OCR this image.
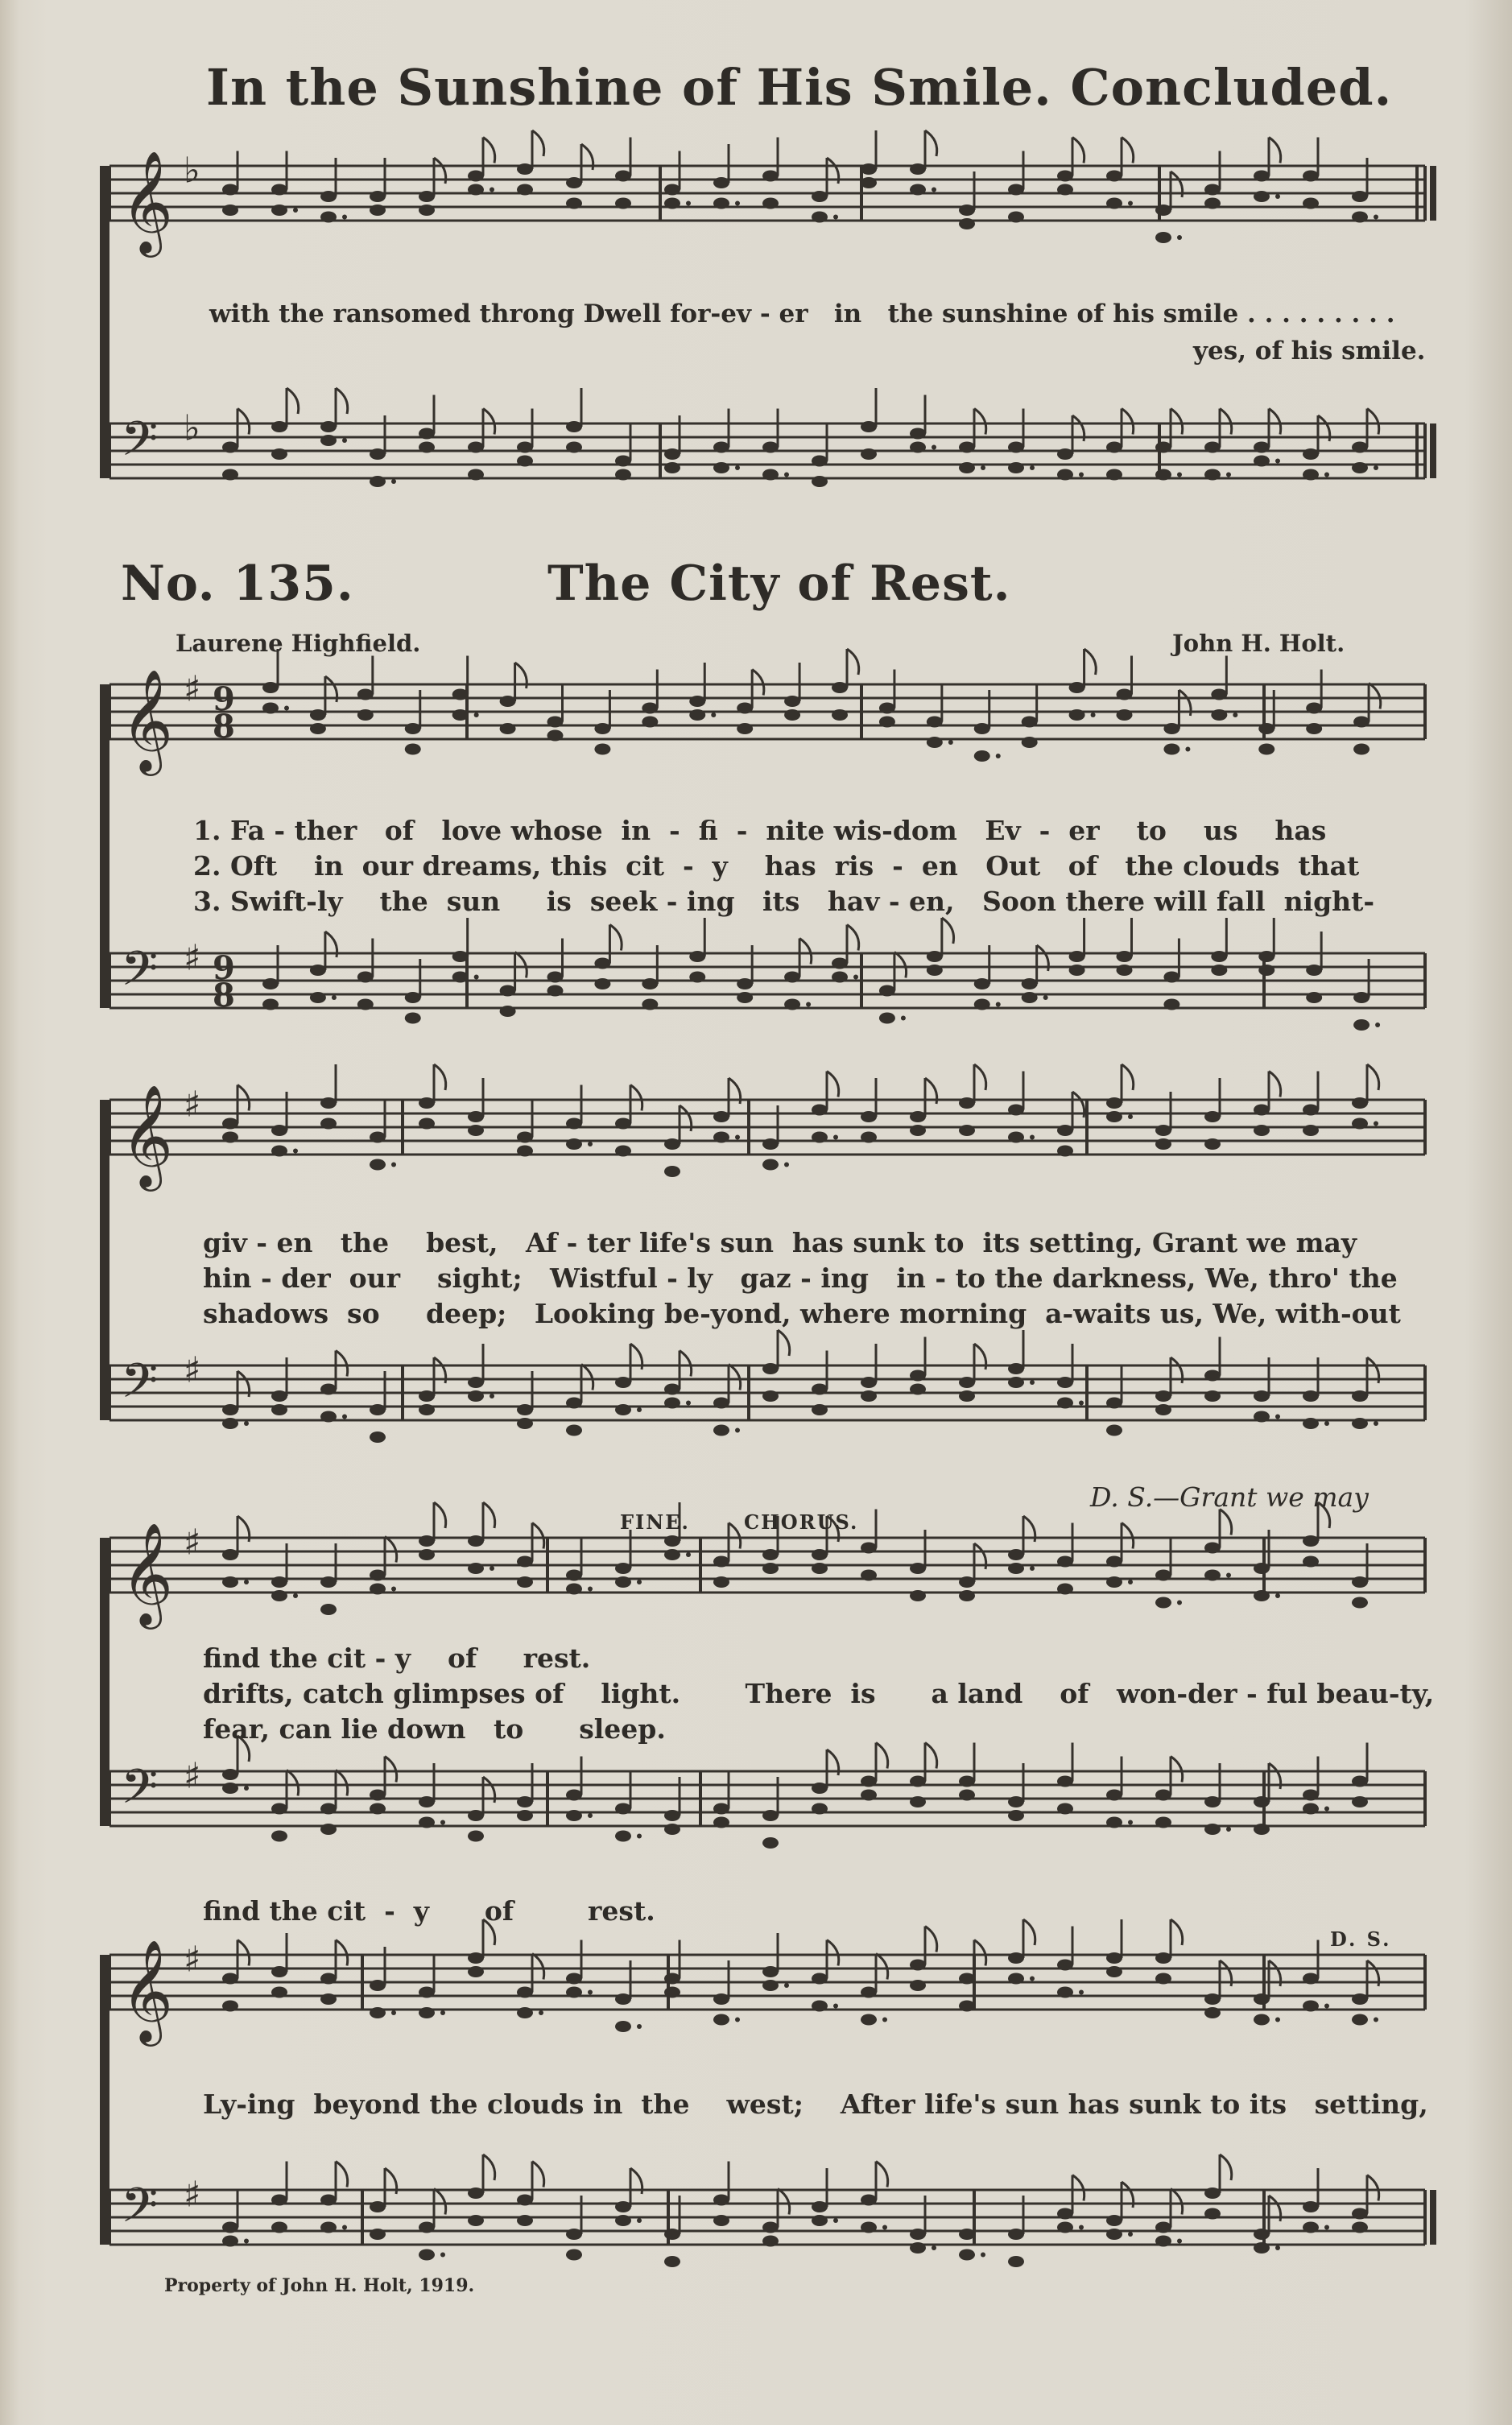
𝄞 ♭
𝄢 ♭
𝄞 ♯ 9
8
𝄢 ♯ 9
8
𝄞 ♯
𝄢 ♯
𝄞 ♯
𝄢 ♯
𝄞 ♯
𝄢 ♯
In the Sunshine of His Smile. Concluded.
with the ransomed throng Dwell for-ev - er   in   the sunshine of his smile . . . . . . . . .
yes, of his smile.
No. 135.	The City of Rest.
Laurene Highfield.	John H. Holt.
1. Fa - ther   of   love whose  in  -  fi  -  nite wis-dom   Ev  -  er    to    us    has
2. Oft    in  our dreams, this  cit  -  y    has  ris  -  en   Out   of   the clouds  that
3. Swift-ly    the  sun     is  seek - ing   its   hav - en,   Soon there will fall  night-
giv - en   the    best,   Af - ter life's sun  has sunk to  its setting, Grant we may
hin - der  our    sight;   Wistful - ly   gaz - ing   in - to the darkness, We, thro' the
shadows  so     deep;   Looking be-yond, where morning  a-waits us, We, with-out
D. S.—Grant we may
FINE.	CHORUS.
find the cit - y    of     rest.
drifts, catch glimpses of    light.       There  is      a land    of   won-der - ful beau-ty,
fear, can lie down   to      sleep.
find the cit  -  y      of        rest.
D. S.
Ly-ing  beyond the clouds in  the    west;    After life's sun has sunk to its   setting,
Property of John H. Holt, 1919.
